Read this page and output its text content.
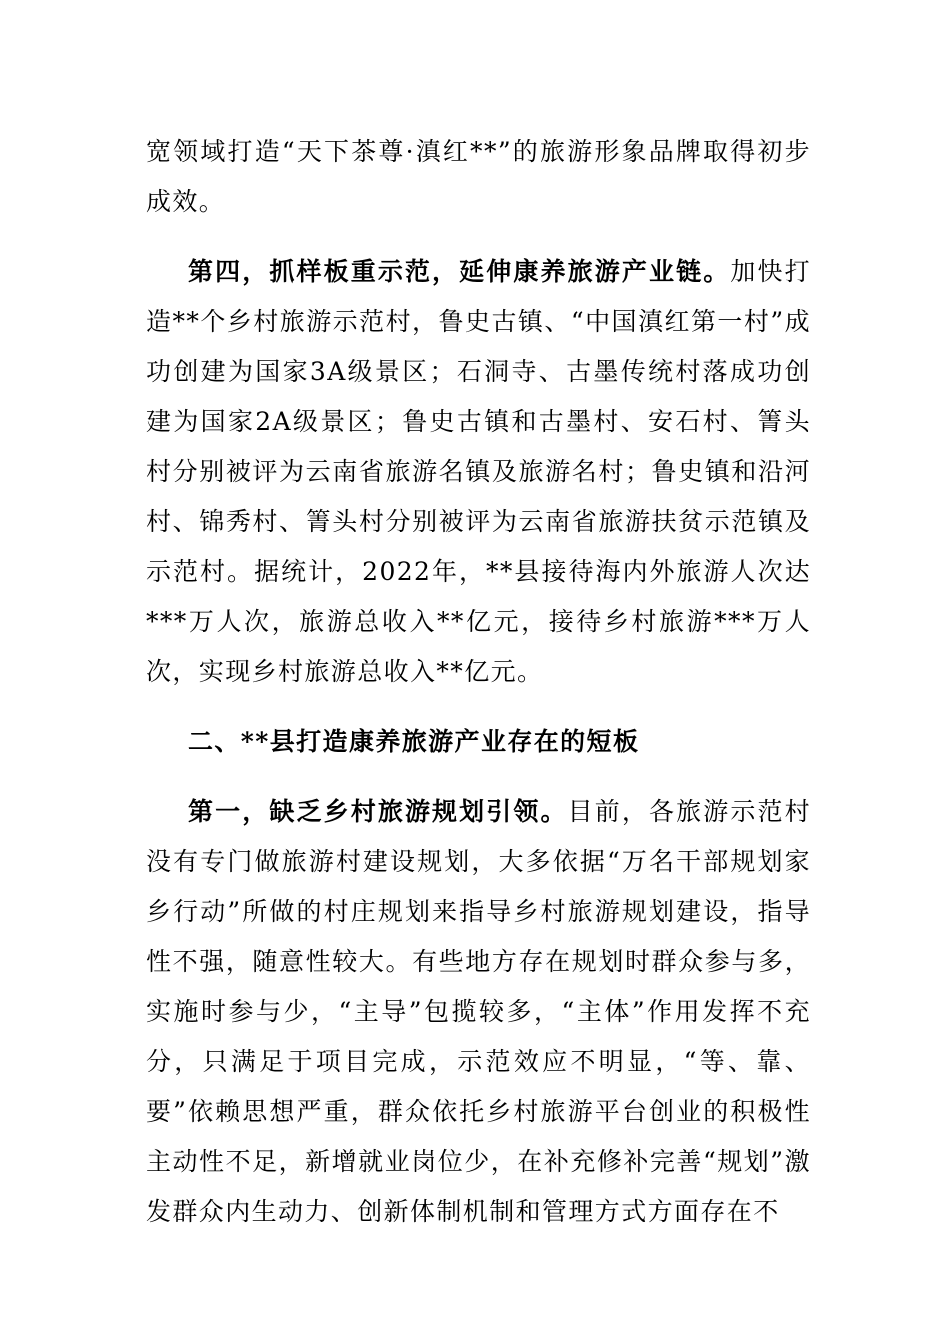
宽领域打造“天下茶尊·滇红**”的旅游形象品牌取得初步成效。

第四，抓样板重示范，延伸康养旅游产业链。加快打造**个乡村旅游示范村，鲁史古镇、“中国滇红第一村”成功创建为国家3A级景区；石洞寺、古墨传统村落成功创建为国家2A级景区；鲁史古镇和古墨村、安石村、箐头村分别被评为云南省旅游名镇及旅游名村；鲁史镇和沿河村、锦秀村、箐头村分别被评为云南省旅游扶贫示范镇及示范村。据统计，2022年，**县接待海内外旅游人次达***万人次，旅游总收入**亿元，接待乡村旅游***万人次，实现乡村旅游总收入**亿元。

二、**县打造康养旅游产业存在的短板

第一，缺乏乡村旅游规划引领。目前，各旅游示范村没有专门做旅游村建设规划，大多依据“万名干部规划家乡行动”所做的村庄规划来指导乡村旅游规划建设，指导性不强，随意性较大。有些地方存在规划时群众参与多，实施时参与少，“主导”包揽较多，“主体”作用发挥不充分，只满足于项目完成，示范效应不明显，“等、靠、要”依赖思想严重，群众依托乡村旅游平台创业的积极性主动性不足，新增就业岗位少，在补充修补完善“规划”激发群众内生动力、创新体制机制和管理方式方面存在不
